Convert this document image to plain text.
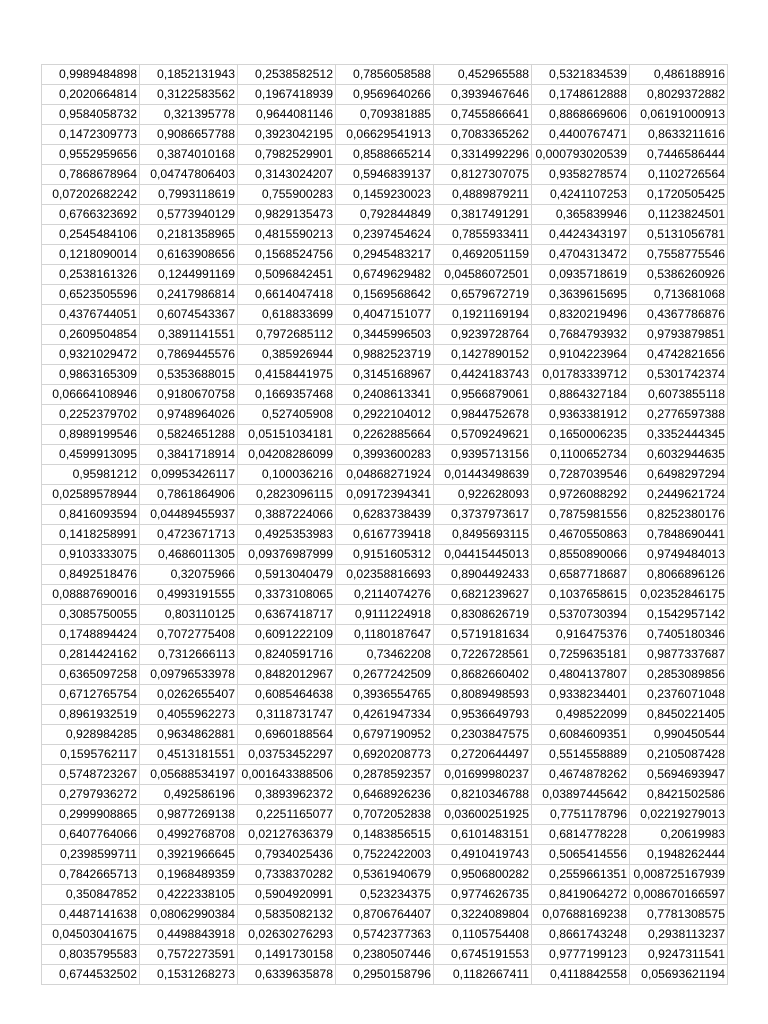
0,9989484898	0,1852131943	0,2538582512	0,7856058588	0,452965588	0,5321834539	0,486188916
0,2020664814	0,3122583562	0,1967418939	0,9569640266	0,3939467646	0,1748612888	0,8029372882
0,9584058732	0,321395778	0,9644081146	0,709381885	0,7455866641	0,8868669606	0,06191000913
0,1472309773	0,9086657788	0,3923042195	0,06629541913	0,7083365262	0,4400767471	0,8633211616
0,9552959656	0,3874010168	0,7982529901	0,8588665214	0,3314992296	0,000793020539	0,7446586444
0,7868678964	0,04747806403	0,3143024207	0,5946839137	0,8127307075	0,9358278574	0,1102726564
0,07202682242	0,7993118619	0,755900283	0,1459230023	0,4889879211	0,4241107253	0,1720505425
0,6766323692	0,5773940129	0,9829135473	0,792844849	0,3817491291	0,365839946	0,1123824501
0,2545484106	0,2181358965	0,4815590213	0,2397454624	0,7855933411	0,4424343197	0,5131056781
0,1218090014	0,6163908656	0,1568524756	0,2945483217	0,4692051159	0,4704313472	0,7558775546
0,2538161326	0,1244991169	0,5096842451	0,6749629482	0,04586072501	0,0935718619	0,5386260926
0,6523505596	0,2417986814	0,6614047418	0,1569568642	0,6579672719	0,3639615695	0,713681068
0,4376744051	0,6074543367	0,618833699	0,4047151077	0,1921169194	0,8320219496	0,4367786876
0,2609504854	0,3891141551	0,7972685112	0,3445996503	0,9239728764	0,7684793932	0,9793879851
0,9321029472	0,7869445576	0,385926944	0,9882523719	0,1427890152	0,9104223964	0,4742821656
0,9863165309	0,5353688015	0,4158441975	0,3145168967	0,4424183743	0,01783339712	0,5301742374
0,06664108946	0,9180670758	0,1669357468	0,2408613341	0,9566879061	0,8864327184	0,6073855118
0,2252379702	0,9748964026	0,527405908	0,2922104012	0,9844752678	0,9363381912	0,2776597388
0,8989199546	0,5824651288	0,05151034181	0,2262885664	0,5709249621	0,1650006235	0,3352444345
0,4599913095	0,3841718914	0,04208286099	0,3993600283	0,9395713156	0,1100652734	0,6032944635
0,95981212	0,09953426117	0,100036216	0,04868271924	0,01443498639	0,7287039546	0,6498297294
0,02589578944	0,7861864906	0,2823096115	0,09172394341	0,922628093	0,9726088292	0,2449621724
0,8416093594	0,04489455937	0,3887224066	0,6283738439	0,3737973617	0,7875981556	0,8252380176
0,1418258991	0,4723671713	0,4925353983	0,6167739418	0,8495693115	0,4670550863	0,7848690441
0,9103333075	0,4686011305	0,09376987999	0,9151605312	0,04415445013	0,8550890066	0,9749484013
0,8492518476	0,32075966	0,5913040479	0,02358816693	0,8904492433	0,6587718687	0,8066896126
0,08887690016	0,4993191555	0,3373108065	0,2114074276	0,6821239627	0,1037658615	0,02352846175
0,3085750055	0,803110125	0,6367418717	0,9111224918	0,8308626719	0,5370730394	0,1542957142
0,1748894424	0,7072775408	0,6091222109	0,1180187647	0,5719181634	0,916475376	0,7405180346
0,2814424162	0,7312666113	0,8240591716	0,73462208	0,7226728561	0,7259635181	0,9877337687
0,6365097258	0,09796533978	0,8482012967	0,2677242509	0,8682660402	0,4804137807	0,2853089856
0,6712765754	0,0262655407	0,6085464638	0,3936554765	0,8089498593	0,9338234401	0,2376071048
0,8961932519	0,4055962273	0,3118731747	0,4261947334	0,9536649793	0,498522099	0,8450221405
0,928984285	0,9634862881	0,6960188564	0,6797190952	0,2303847575	0,6084609351	0,990450544
0,1595762117	0,4513181551	0,03753452297	0,6920208773	0,2720644497	0,5514558889	0,2105087428
0,5748723267	0,05688534197	0,001643388506	0,2878592357	0,01699980237	0,4674878262	0,5694693947
0,2797936272	0,492586196	0,3893962372	0,6468926236	0,8210346788	0,03897445642	0,8421502586
0,2999908865	0,9877269138	0,2251165077	0,7072052838	0,03600251925	0,7751178796	0,02219279013
0,6407764066	0,4992768708	0,02127636379	0,1483856515	0,6101483151	0,6814778228	0,20619983
0,2398599711	0,3921966645	0,7934025436	0,7522422003	0,4910419743	0,5065414556	0,1948262444
0,7842665713	0,1968489359	0,7338370282	0,5361940679	0,9506800282	0,2559661351	0,008725167939
0,350847852	0,4222338105	0,5904920991	0,523234375	0,9774626735	0,8419064272	0,008670166597
0,4487141638	0,08062990384	0,5835082132	0,8706764407	0,3224089804	0,07688169238	0,7781308575
0,04503041675	0,4498843918	0,02630276293	0,5742377363	0,1105754408	0,8661743248	0,2938113237
0,8035795583	0,7572273591	0,1491730158	0,2380507446	0,6745191553	0,9777199123	0,9247311541
0,6744532502	0,1531268273	0,6339635878	0,2950158796	0,1182667411	0,4118842558	0,05693621194
